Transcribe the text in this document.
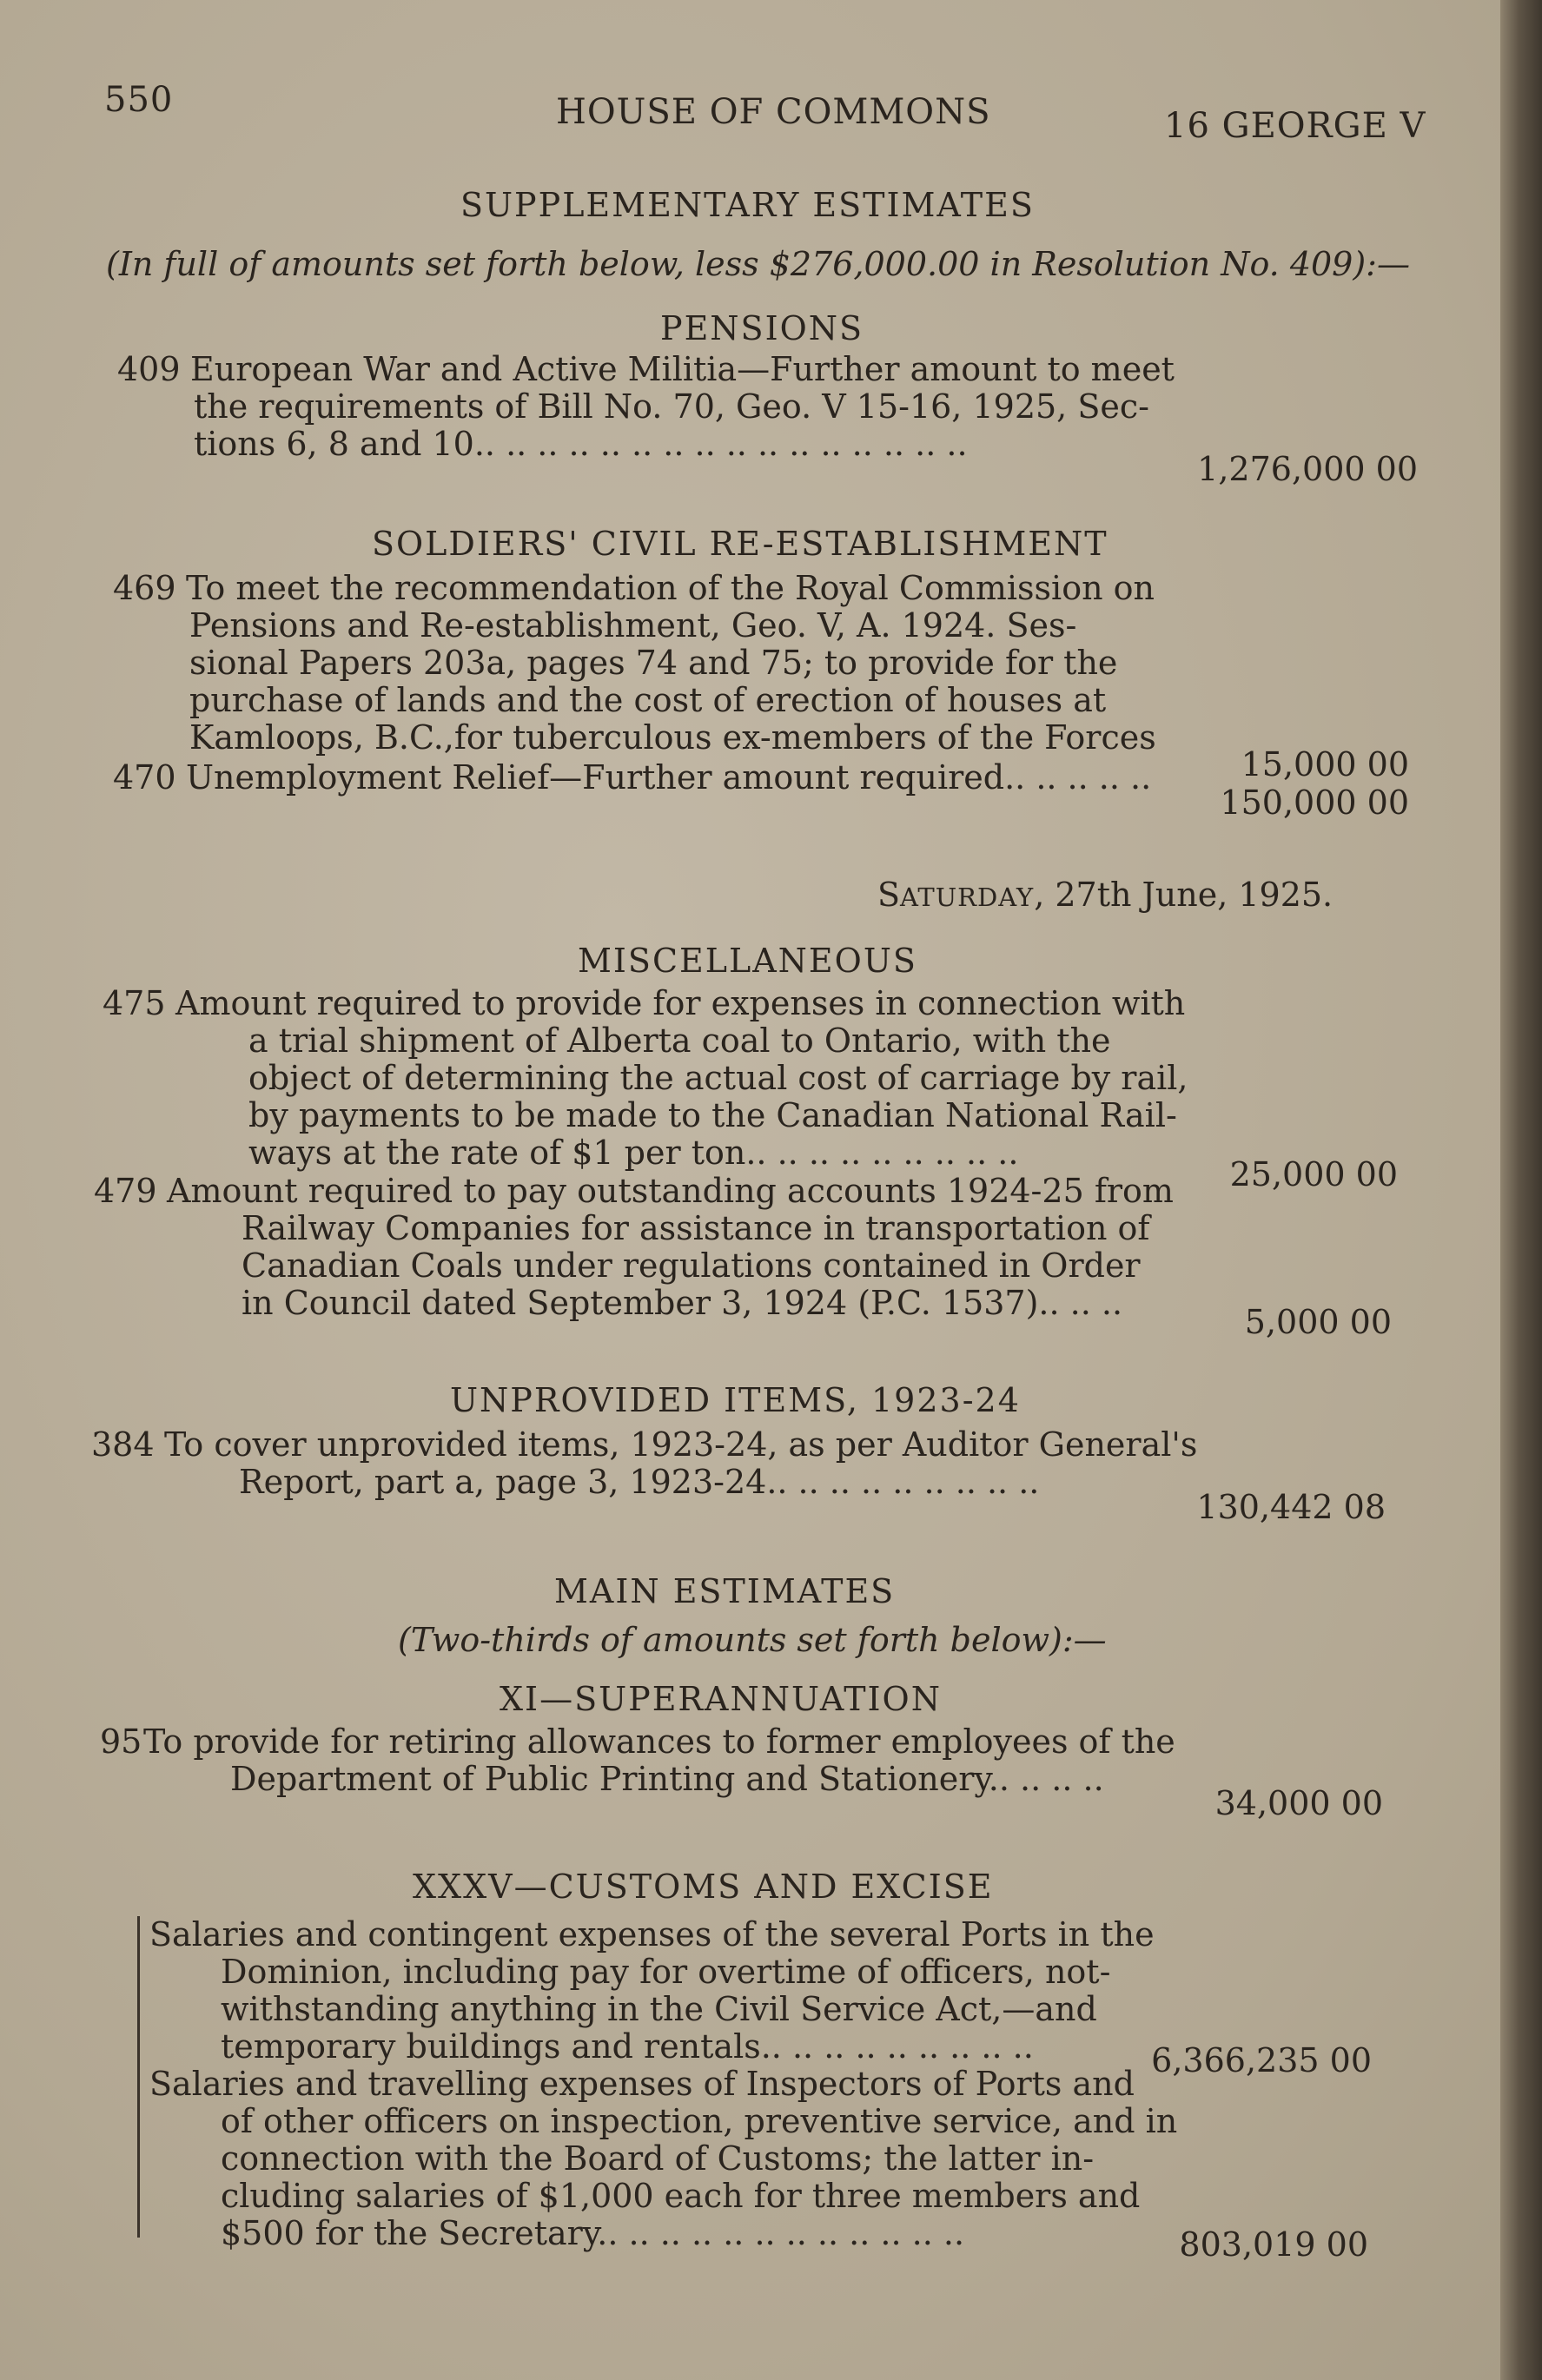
550	HOUSE OF COMMONS	16 GEORGE V
SUPPLEMENTARY ESTIMATES
(In full of amounts set forth below, less $276,000.00 in Resolution No. 409):—
PENSIONS
409 European War and Active Militia—Further amount to meet
the requirements of Bill No. 70, Geo. V 15-16, 1925, Sec-
tions 6, 8 and 10.. .. .. .. .. .. .. .. .. .. .. .. .. .. .. ..
1,276,000 00
SOLDIERS' CIVIL RE-ESTABLISHMENT
469 To meet the recommendation of the Royal Commission on
Pensions and Re-establishment, Geo. V, A. 1924. Ses-
sional Papers 203a, pages 74 and 75; to provide for the
purchase of lands and the cost of erection of houses at
Kamloops, B.C.,for tuberculous ex-members of the Forces
15,000 00
470 Unemployment Relief—Further amount required.. .. .. .. ..
150,000 00
SATURDAY, 27th June, 1925.
MISCELLANEOUS
475 Amount required to provide for expenses in connection with
a trial shipment of Alberta coal to Ontario, with the
object of determining the actual cost of carriage by rail,
by payments to be made to the Canadian National Rail-
ways at the rate of $1 per ton.. .. .. .. .. .. .. .. ..
25,000 00
479 Amount required to pay outstanding accounts 1924-25 from
Railway Companies for assistance in transportation of
Canadian Coals under regulations contained in Order
in Council dated September 3, 1924 (P.C. 1537).. .. ..	5,000 00
UNPROVIDED ITEMS, 1923-24
384 To cover unprovided items, 1923-24, as per Auditor General's
Report, part a, page 3, 1923-24.. .. .. .. .. .. .. .. ..
130,442 08
MAIN ESTIMATES
(Two-thirds of amounts set forth below):—
XI—SUPERANNUATION
95To provide for retiring allowances to former employees of the
Department of Public Printing and Stationery.. .. .. ..
34,000 00
XXXV—CUSTOMS AND EXCISE
Salaries and contingent expenses of the several Ports in the
Dominion, including pay for overtime of officers, not-
withstanding anything in the Civil Service Act,—and
temporary buildings and rentals.. .. .. .. .. .. .. .. ..	6,366,235 00
Salaries and travelling expenses of Inspectors of Ports and
of other officers on inspection, preventive service, and in
connection with the Board of Customs; the latter in-
cluding salaries of $1,000 each for three members and
$500 for the Secretary.. .. .. .. .. .. .. .. .. .. .. ..	803,019 00
